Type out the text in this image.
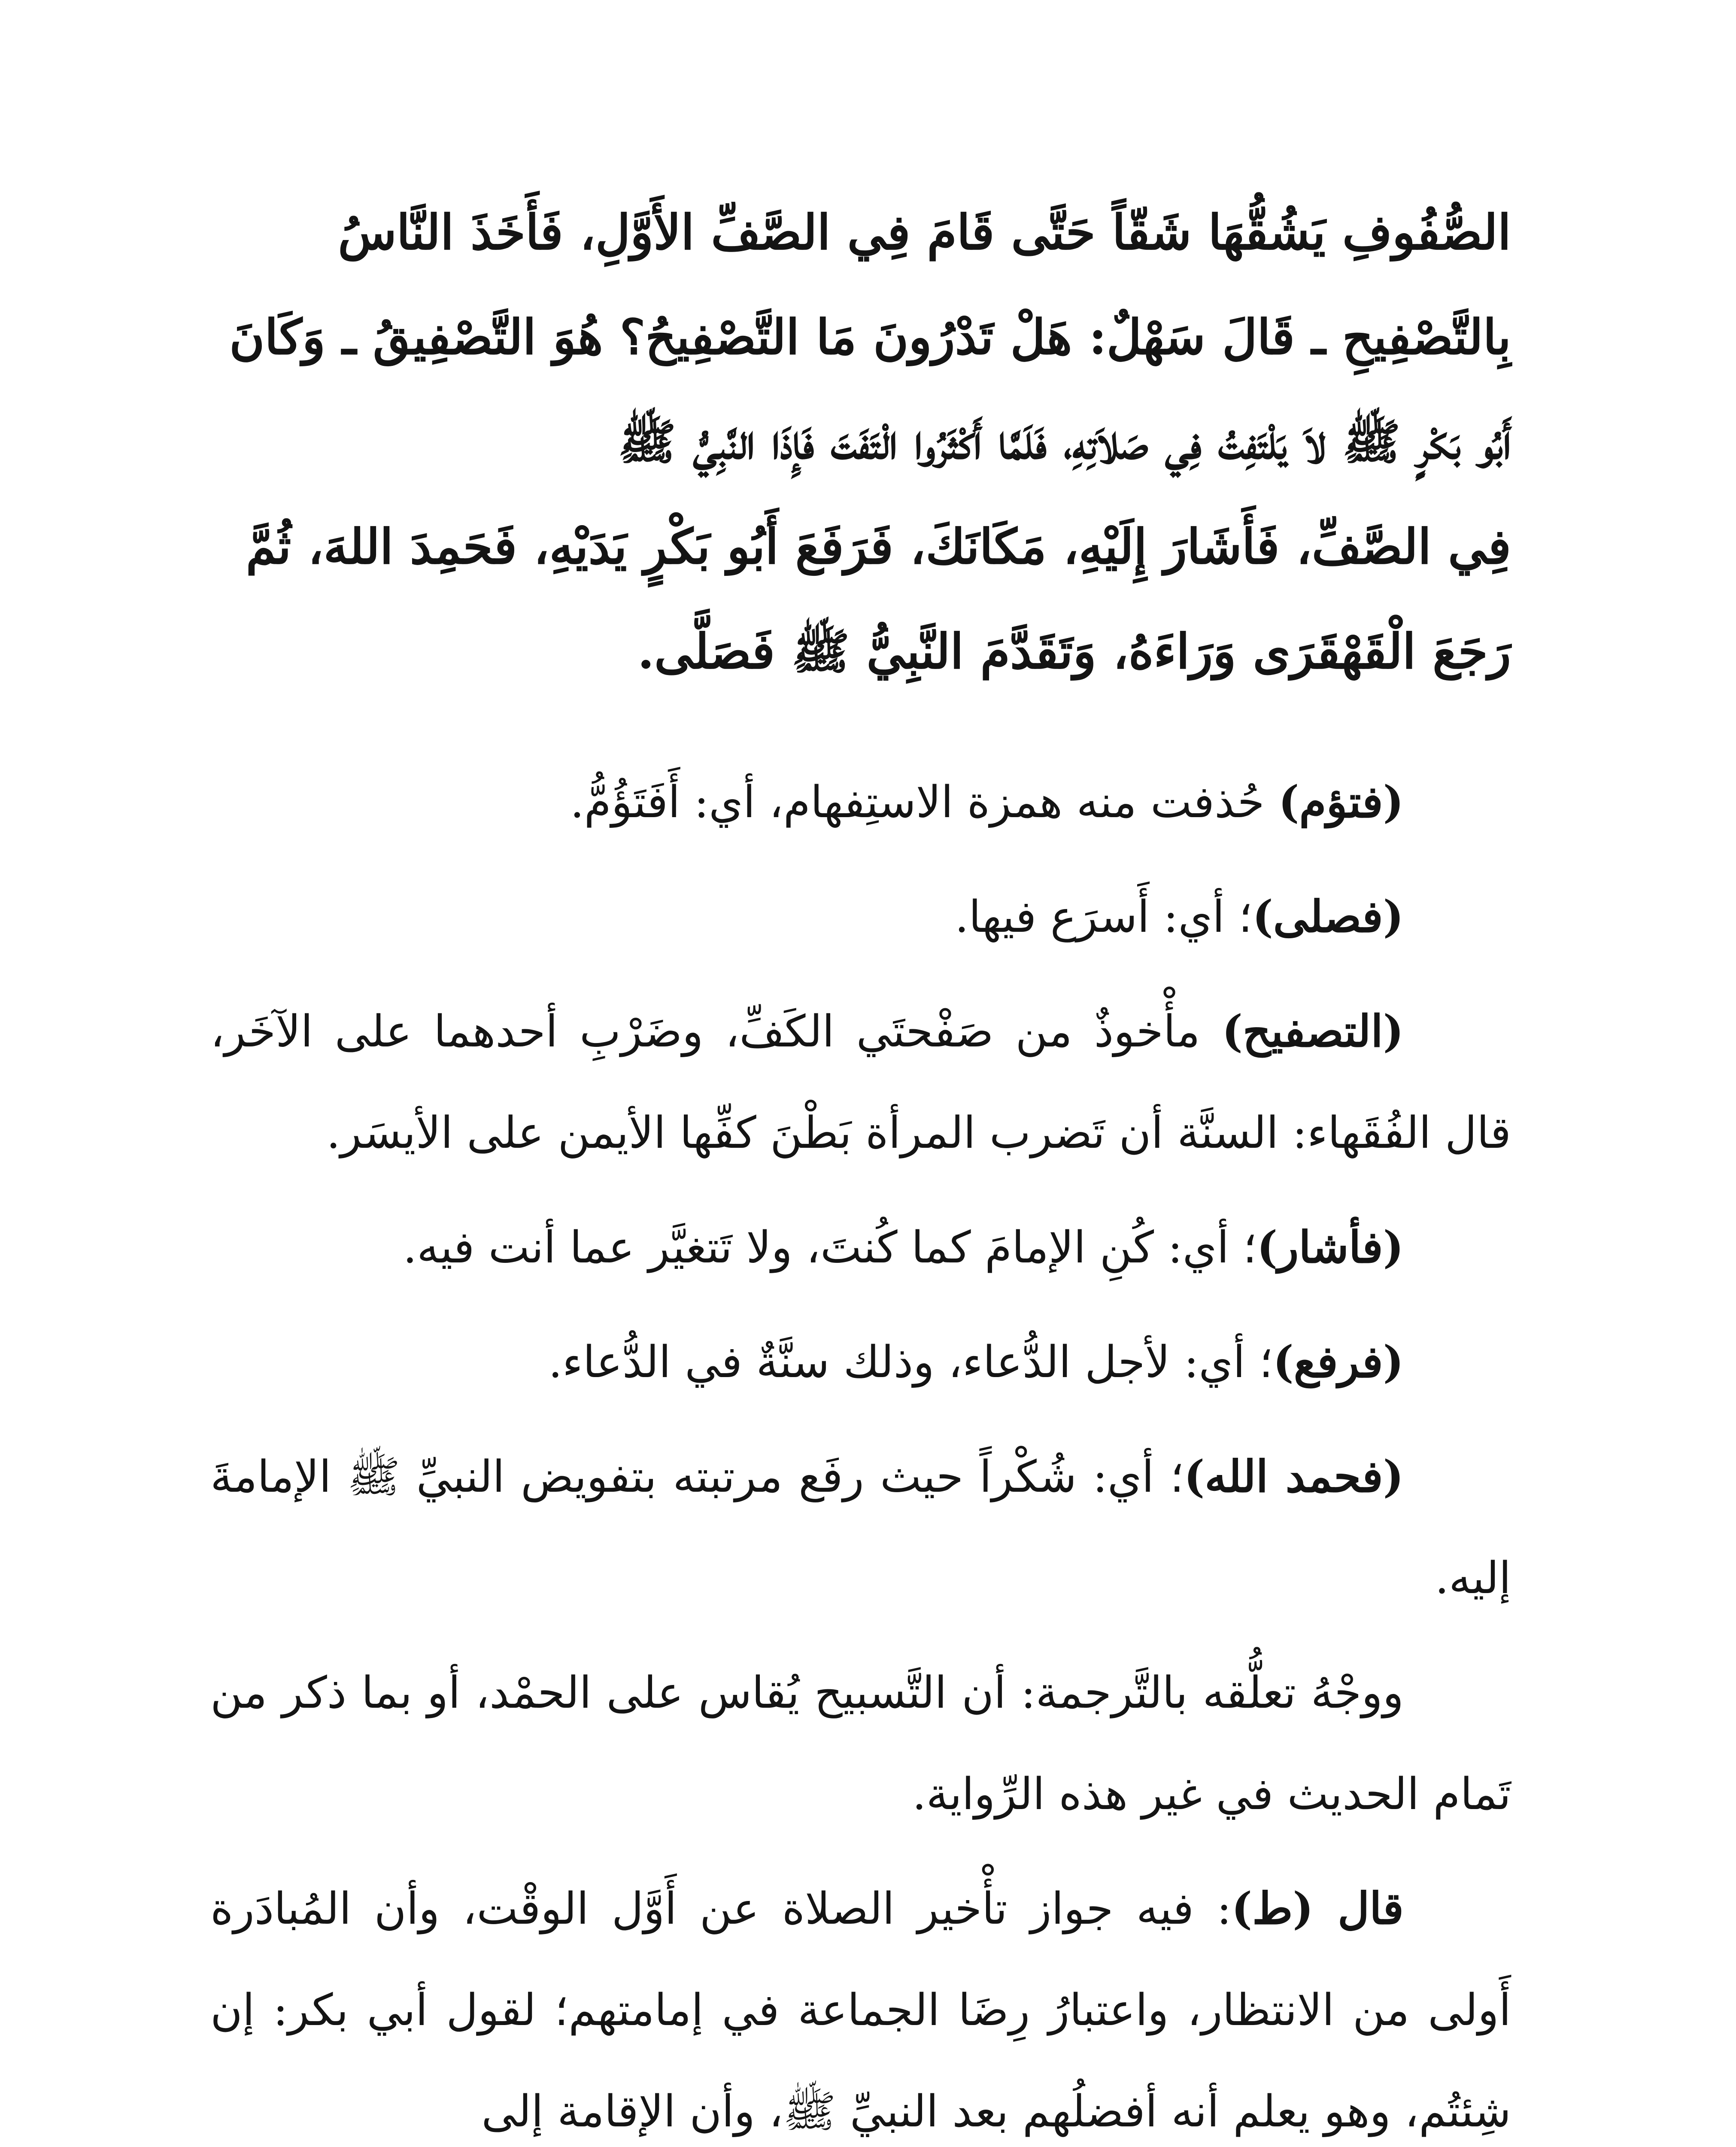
الصُّفُوفِ يَشُقُّهَا شَقّاً حَتَّى قَامَ فِي الصَّفِّ الأَوَّلِ، فَأَخَذَ النَّاسُ
بِالتَّصْفِيحِ ـ قَالَ سَهْلٌ: هَلْ تَدْرُونَ مَا التَّصْفِيحُ؟ هُوَ التَّصْفِيقُ ـ وَكَانَ
أَبُو بَكْرٍ ﷺ لاَ يَلْتَفِتُ فِي صَلاَتِهِ، فَلَمَّا أَكْثَرُوا الْتَفَتَ فَإِذَا النَّبِيُّ ﷺ
فِي الصَّفِّ، فَأَشَارَ إِلَيْهِ، مَكَانَكَ، فَرَفَعَ أَبُو بَكْرٍ يَدَيْهِ، فَحَمِدَ اللهَ، ثُمَّ
رَجَعَ الْقَهْقَرَى وَرَاءَهُ، وَتَقَدَّمَ النَّبِيُّ ﷺ فَصَلَّى.

(فتؤم) حُذفت منه همزة الاستِفهام، أي: أَفَتَؤُمُّ.

(فصلى)؛ أي: أَسرَع فيها.

(التصفيح) مأْخوذٌ من صَفْحتَي الكَفِّ، وضَرْبِ أحدهما على الآخَر، قال الفُقَهاء: السنَّة أن تَضرب المرأة بَطْنَ كفِّها الأيمن على الأيسَر.

(فأشار)؛ أي: كُنِ الإمامَ كما كُنتَ، ولا تَتغيَّر عما أنت فيه.

(فرفع)؛ أي: لأجل الدُّعاء، وذلك سنَّةٌ في الدُّعاء.

(فحمد الله)؛ أي: شُكْراً حيث رفَع مرتبته بتفويض النبيِّ ﷺ الإمامةَ إليه.

ووجْهُ تعلُّقه بالتَّرجمة: أن التَّسبيح يُقاس على الحمْد، أو بما ذكر من تَمام الحديث في غير هذه الرِّواية.

قال (ط): فيه جواز تأْخير الصلاة عن أَوَّل الوقْت، وأن المُبادَرة أَولى من الانتظار، واعتبارُ رِضَا الجماعة في إمامتهم؛ لقول أبي بكر: إن شِئتُم، وهو يعلم أنه أفضلُهم بعد النبيِّ ﷺ، وأن الإقامة إلى
